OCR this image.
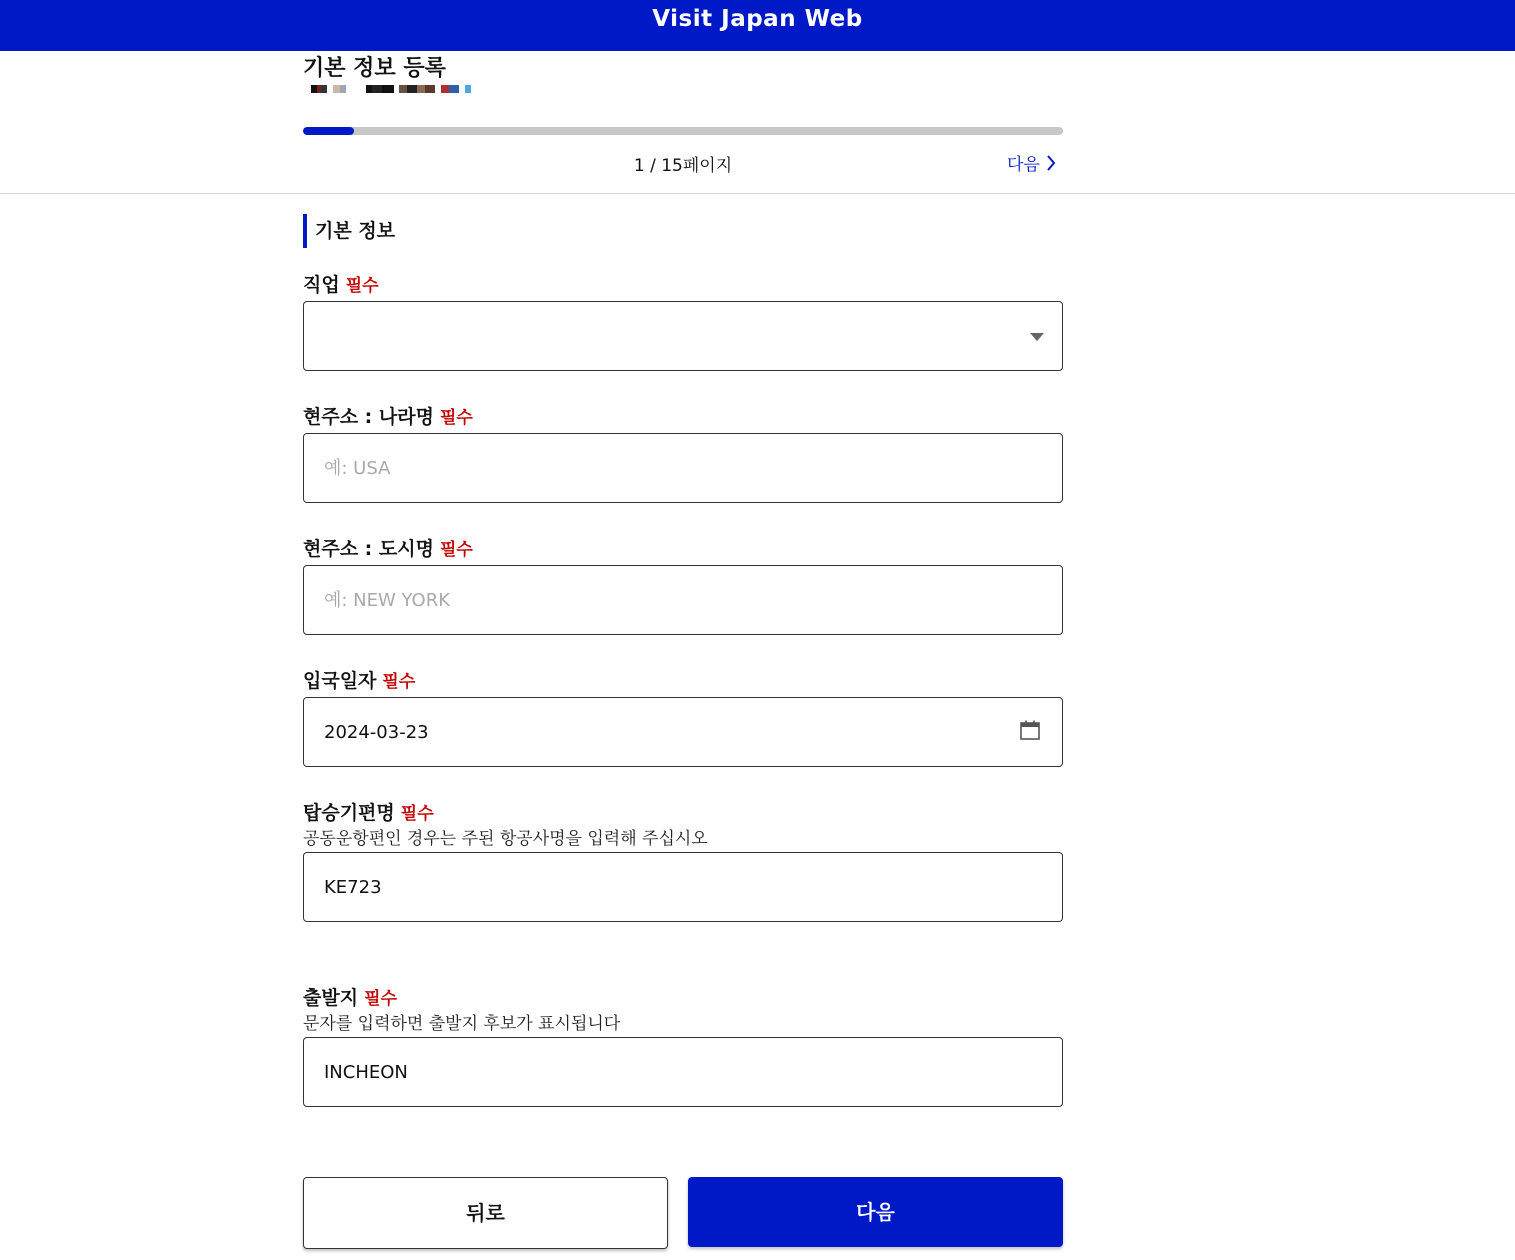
Visit Japan Web
기본 정보 등록
1 / 15페이지	다음
기본 정보
직업 필수
현주소 : 나라명 필수
예: USA
현주소 : 도시명 필수
예: NEW YORK
입국일자 필수
2024-03-23
탑승기편명 필수
공동운항편인 경우는 주된 항공사명을 입력해 주십시오
KE723
출발지 필수
문자를 입력하면 출발지 후보가 표시됩니다
INCHEON
뒤로	다음
